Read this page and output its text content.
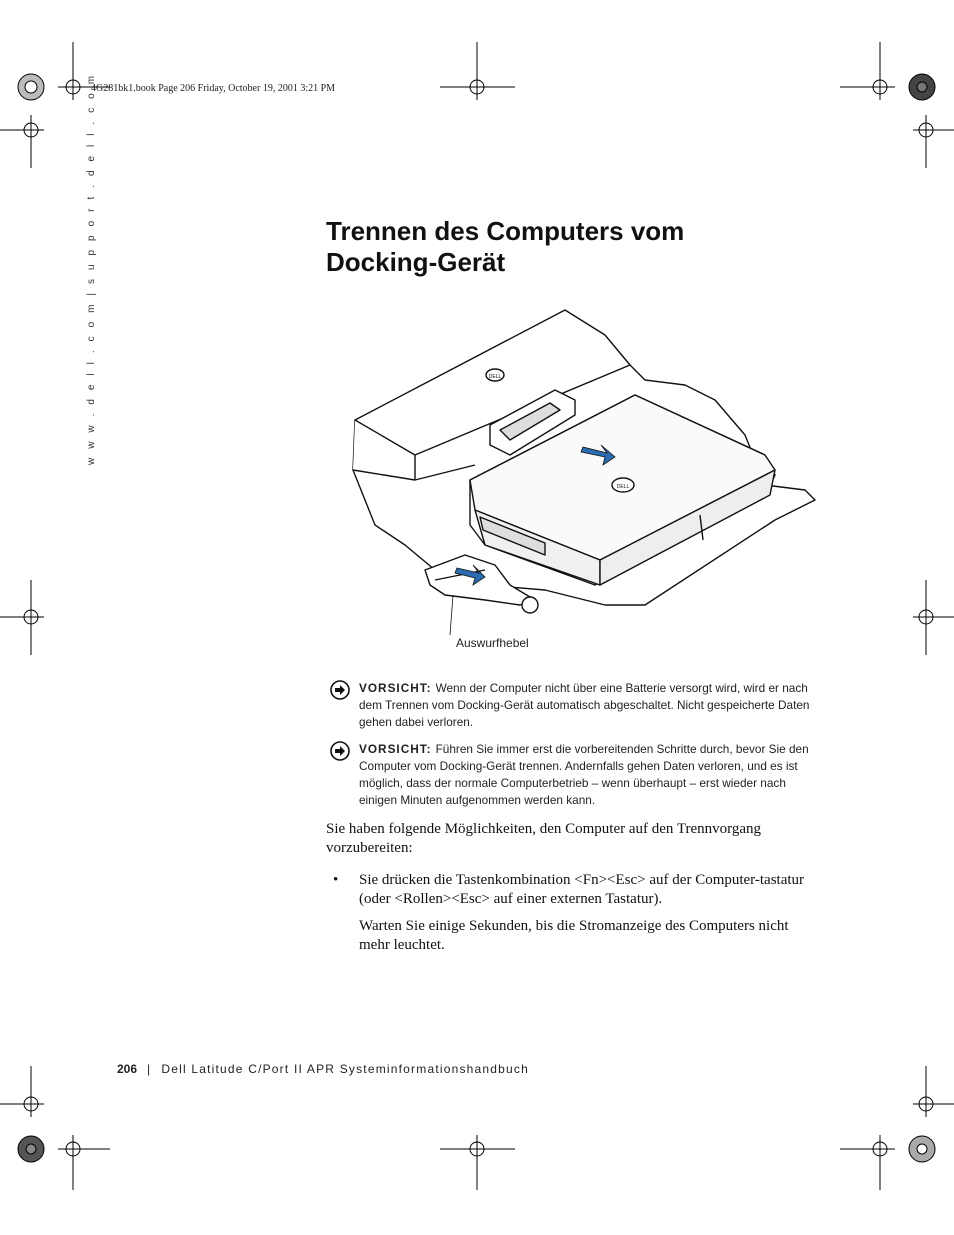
4G281bk1.book Page 206 Friday, October 19, 2001 3:21 PM
w w w . d e l l . c o m | s u p p o r t . d e l l . c o m	Trennen des Computers vom
Docking-Gerät
DELL
DELL
Auswurfhebel
VORSICHT: Wenn der Computer nicht über eine Batterie versorgt wird, wird er nach dem Trennen vom Docking-Gerät automatisch abgeschaltet. Nicht gespeicherte Daten gehen dabei verloren.
VORSICHT: Führen Sie immer erst die vorbereitenden Schritte durch, bevor Sie den Computer vom Docking-Gerät trennen. Andernfalls gehen Daten verloren, und es ist möglich, dass der normale Computerbetrieb – wenn überhaupt – erst wieder nach einigen Minuten aufgenommen werden kann.
Sie haben folgende Möglichkeiten, den Computer auf den Trennvorgang vorzubereiten:
• Sie drücken die Tastenkombination <Fn><Esc> auf der Computer-tastatur (oder <Rollen><Esc> auf einer externen Tastatur).
Warten Sie einige Sekunden, bis die Stromanzeige des Computers nicht mehr leuchtet.
206 | Dell Latitude C/Port II APR Systeminformationshandbuch
